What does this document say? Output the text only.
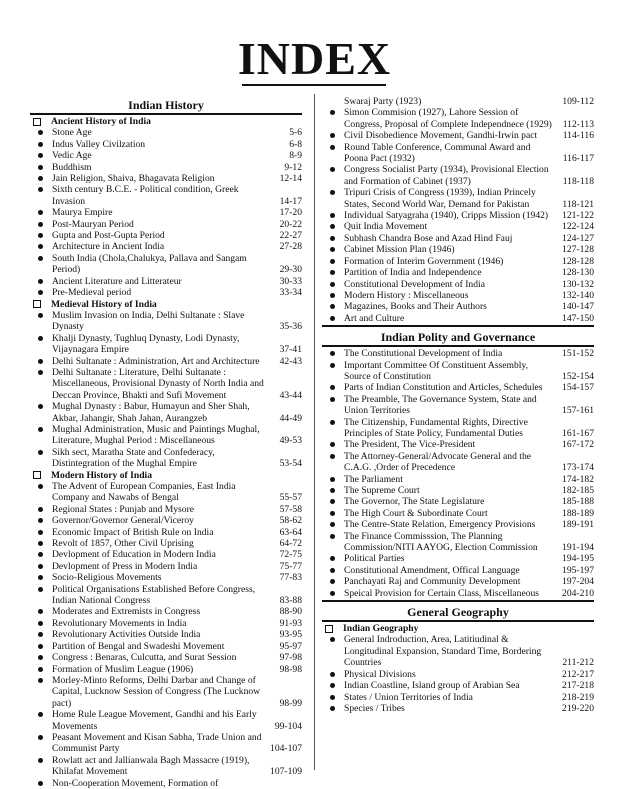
INDEX
Indian History
Ancient History of India
Stone Age	5-6
Indus Valley Civilzation	6-8
Vedic Age	8-9
Buddhism	9-12
Jain Religion, Shaiva, Bhagavata Religion	12-14
Sixth century B.C.E. - Political condition, Greek Invasion	14-17
Maurya Empire	17-20
Post-Mauryan Period	20-22
Gupta and Post-Gupta Period	22-27
Architecture in Ancient India	27-28
South India (Chola,Chalukya, Pallava and Sangam Period)	29-30
Ancient Literature and Litterateur	30-33
Pre-Medieval period	33-34
Medieval History of India
Muslim Invasion on India, Delhi Sultanate : Slave Dynasty	35-36
Khalji Dynasty, Tughluq Dynasty, Lodi Dynasty, Vijaynagara Empire	37-41
Delhi Sultanate : Administration, Art and Architecture	42-43
Delhi Sultanate : Literature, Delhi Sultanate : Miscellaneous, Provisional Dynasty of North India and Deccan Province, Bhakti and Sufi Movement	43-44
Mughal Dynasty : Babur, Humayun and Sher Shah, Akbar, Jahangir, Shah Jahan, Aurangzeb	44-49
Mughal Administration, Music and Paintings Mughal, Literature, Mughal Period : Miscellaneous	49-53
Sikh sect, Maratha State and Confederacy, Distintegration of the Mughal Empire	53-54
Modern History of India
The Advent of European Companies, East India Company and Nawabs of Bengal	55-57
Regional States : Punjab and Mysore	57-58
Governor/Governor General/Viceroy	58-62
Economic Impact of British Rule on India	63-64
Revolt of 1857, Other Civil Uprising	64-72
Devlopment of Education in Modern India	72-75
Devlopment of Press in Modern India	75-77
Socio-Religious Movements	77-83
Political Organisations Established Before Congress, Indian National Congress	83-88
Moderates and Extremists in Congress	88-90
Revolutionary Movements in India	91-93
Revolutionary Activities Outside India	93-95
Partition of Bengal and Swadeshi Movement	95-97
Congress : Benaras, Culcutta, and Surat Session	97-98
Formation of Muslim League (1906)	98-98
Morley-Minto Reforms, Delhi Darbar and Change of Capital, Lucknow Session of Congress (The Lucknow pact)	98-99
Home Rule League Movement, Gandhi and his Early Movements	99-104
Peasant Movement and Kisan Sabha, Trade Union and Communist Party	104-107
Rowlatt act and Jallianwala Bagh Massacre (1919), Khilafat Movement	107-109
Non-Cooperation Movement, Formation of
Swaraj Party (1923)	109-112
Simon Commision (1927), Lahore Session of Congress, Proposal of Complete Independnece (1929)	112-113
Civil Disobedience Movement, Gandhi-Irwin pact	114-116
Round Table Conference, Communal Award and Poona Pact (1932)	116-117
Congress Socialist Party (1934), Provisional Election and Formation of Cabinet (1937)	118-118
Tripuri Crisis of Congress (1939), Indian Princely States, Second World War, Demand for Pakistan	118-121
Individual Satyagraha (1940), Cripps Mission (1942)	121-122
Quit India Movement	122-124
Subhash Chandra Bose and Azad Hind Fauj	124-127
Cabinet Mission Plan (1946)	127-128
Formation of Interim Government (1946)	128-128
Partition of India and Independence	128-130
Constitutional Development of India	130-132
Modern History : Miscellaneous	132-140
Magazines, Books and Their Authors	140-147
Art and Culture	147-150
Indian Polity and Governance
The Constitutional Development of India	151-152
Important Committee Of Constituent Assembly, Source of Constitution	152-154
Parts of Indian Constitution and Articles, Schedules	154-157
The Preamble, The Governance System, State and Union Territories	157-161
The Citizenship, Fundamental Rights, Directive Principles of State Policy, Fundamental Duties	161-167
The President, The Vice-President	167-172
The Attorney-General/Advocate General and the C.A.G. ,Order of Precedence	173-174
The Parliament	174-182
The Supreme Court	182-185
The Governor, The State Legislature	185-188
The High Court & Subordinate Court	188-189
The Centre-State Relation, Emergency Provisions	189-191
The Finance Commisssion, The Planning Commission/NITI AAYOG, Election Commission	191-194
Political Parties	194-195
Constitutional Amendment, Offical Language	195-197
Panchayati Raj and Community Development	197-204
Speical Provision for Certain Class, Miscellaneous	204-210
General Geography
Indian Geography
General Indroduction, Area, Latitiudinal & Longitudinal Expansion, Standard Time, Bordering Countries	211-212
Physical Divisions	212-217
Indian Coastline, Island group of Arabian Sea	217-218
States / Union Territories of India	218-219
Species / Tribes	219-220
